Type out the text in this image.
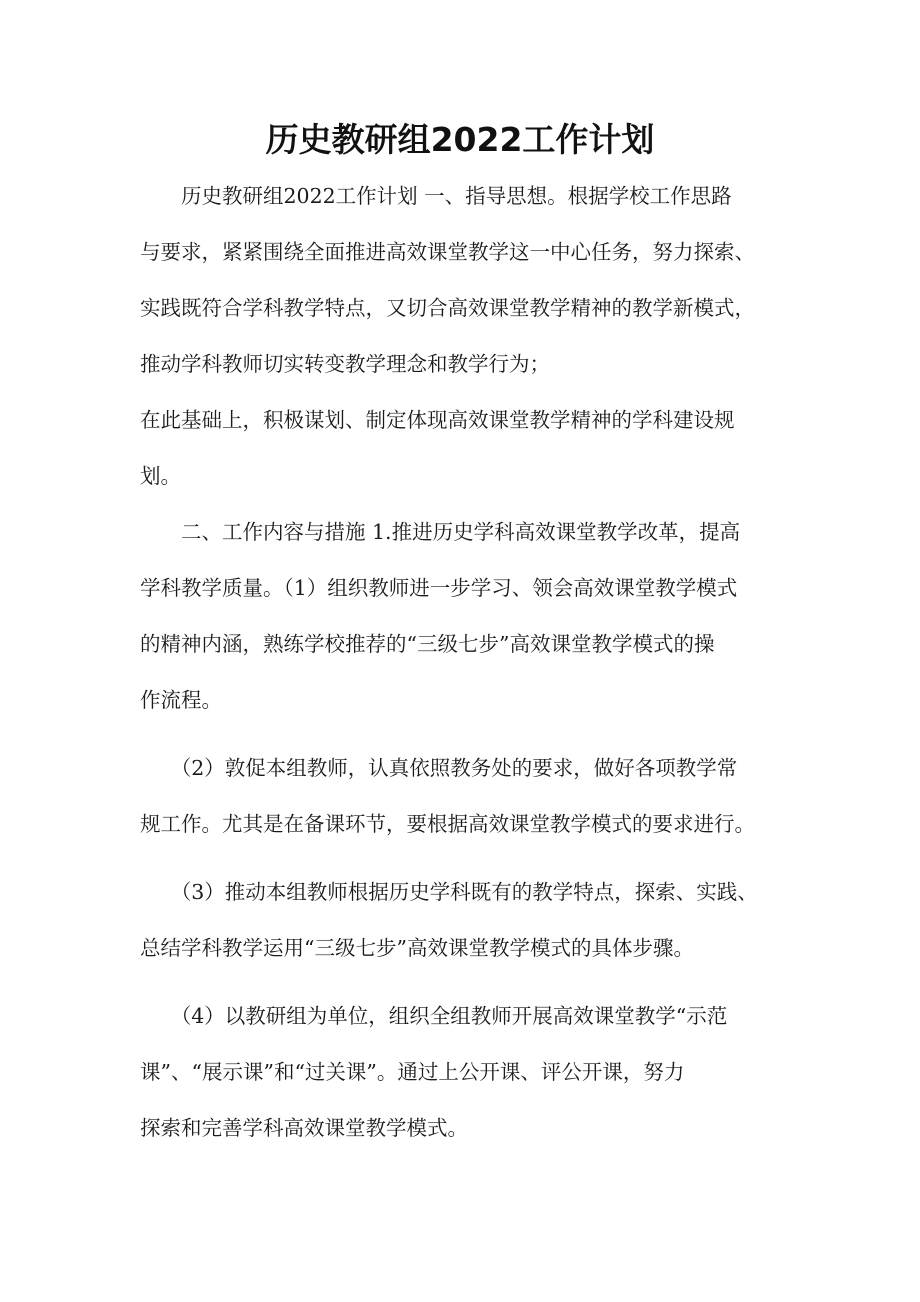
历史教研组2022工作计划
　　历史教研组2022工作计划 一、指导思想。根据学校工作思路
与要求，紧紧围绕全面推进高效课堂教学这一中心任务，努力探索、
实践既符合学科教学特点，又切合高效课堂教学精神的教学新模式，
推动学科教师切实转变教学理念和教学行为；
在此基础上，积极谋划、制定体现高效课堂教学精神的学科建设规
划。
　　二、工作内容与措施 1.推进历史学科高效课堂教学改革，提高
学科教学质量。（1）组织教师进一步学习、领会高效课堂教学模式
的精神内涵，熟练学校推荐的“三级七步”高效课堂教学模式的操
作流程。
　　（2）敦促本组教师，认真依照教务处的要求，做好各项教学常
规工作。尤其是在备课环节，要根据高效课堂教学模式的要求进行。
　　（3）推动本组教师根据历史学科既有的教学特点，探索、实践、
总结学科教学运用“三级七步”高效课堂教学模式的具体步骤。
　　（4）以教研组为单位，组织全组教师开展高效课堂教学“示范
课”、“展示课”和“过关课”。通过上公开课、评公开课，努力
探索和完善学科高效课堂教学模式。
